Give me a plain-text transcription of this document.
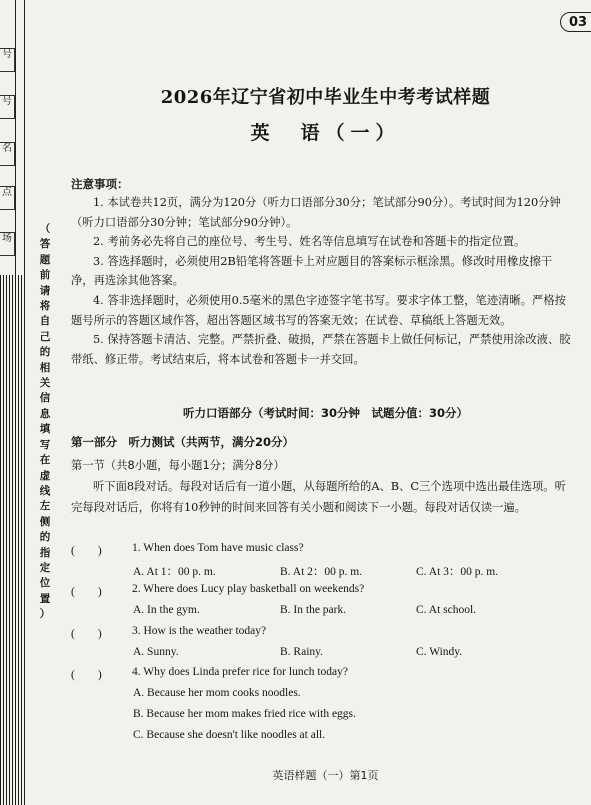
号
号
名
点
场
（
答
题
前
请
将
自
己
的
相
关
信
息
填
写
在
虚
线
左
侧
的
指
定
位
置
）
03
2026年辽宁省初中毕业生中考考试样题
英　语（一）
注意事项：

1. 本试卷共12页，满分为120分（听力口语部分30分；笔试部分90分）。考试时间为120分钟（听力口语部分30分钟；笔试部分90分钟）。

2. 考前务必先将自己的座位号、考生号、姓名等信息填写在试卷和答题卡的指定位置。

3. 答选择题时，必须使用2B铅笔将答题卡上对应题目的答案标示框涂黑。修改时用橡皮擦干净，再选涂其他答案。

4. 答非选择题时，必须使用0.5毫米的黑色字迹签字笔书写。要求字体工整，笔迹清晰。严格按题号所示的答题区域作答，超出答题区域书写的答案无效；在试卷、草稿纸上答题无效。

5. 保持答题卡清洁、完整。严禁折叠、破损，严禁在答题卡上做任何标记，严禁使用涂改液、胶带纸、修正带。考试结束后，将本试卷和答题卡一并交回。

听力口语部分（考试时间：30分钟　试题分值：30分）
第一部分　听力测试（共两节，满分20分）
第一节（共8小题，每小题1分；满分8分）

听下面8段对话。每段对话后有一道小题，从每题所给的A、B、C三个选项中选出最佳选项。听完每段对话后，你将有10秒钟的时间来回答有关小题和阅读下一小题。每段对话仅读一遍。

(　　)	1. When does Tom have music class?
A. At 1：00 p. m.	B. At 2：00 p. m.	C. At 3：00 p. m.
(　　)	2. Where does Lucy play basketball on weekends?
A. In the gym.	B. In the park.	C. At school.
(　　)	3. How is the weather today?
A. Sunny.	B. Rainy.	C. Windy.
(　　)	4. Why does Linda prefer rice for lunch today?
A. Because her mom cooks noodles.
B. Because her mom makes fried rice with eggs.
C. Because she doesn't like noodles at all.
英语样题（一）第1页
